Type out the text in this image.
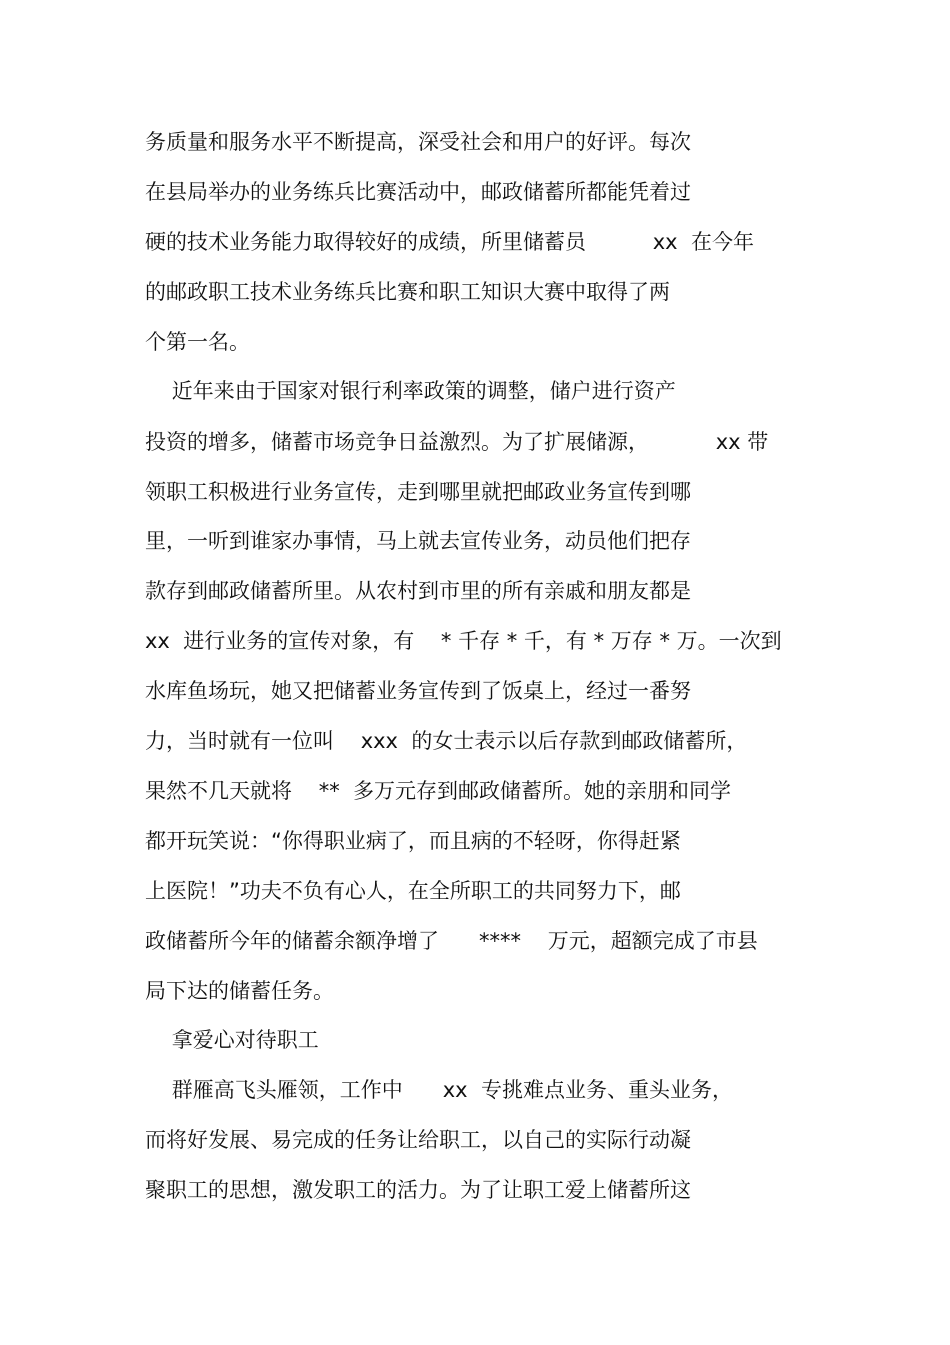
务质量和服务水平不断提高，深受社会和用户的好评。每次
在县局举办的业务练兵比赛活动中，邮政储蓄所都能凭着过
硬的技术业务能力取得较好的成绩，所里储蓄员          xx  在今年
的邮政职工技术业务练兵比赛和职工知识大赛中取得了两
个第一名。
近年来由于国家对银行利率政策的调整，储户进行资产
投资的增多，储蓄市场竞争日益激烈。为了扩展储源，          xx 带
领职工积极进行业务宣传，走到哪里就把邮政业务宣传到哪
里，一听到谁家办事情，马上就去宣传业务，动员他们把存
款存到邮政储蓄所里。从农村到市里的所有亲戚和朋友都是
xx  进行业务的宣传对象，有    * 千存 * 千，有 * 万存 * 万。一次到
水库鱼场玩，她又把储蓄业务宣传到了饭桌上，经过一番努
力，当时就有一位叫    xxx  的女士表示以后存款到邮政储蓄所，
果然不几天就将    **  多万元存到邮政储蓄所。她的亲朋和同学
都开玩笑说：“你得职业病了，而且病的不轻呀，你得赶紧
上医院！”功夫不负有心人，在全所职工的共同努力下，邮
政储蓄所今年的储蓄余额净增了      ****    万元，超额完成了市县
局下达的储蓄任务。
拿爱心对待职工
群雁高飞头雁领，工作中      xx  专挑难点业务、重头业务，
而将好发展、易完成的任务让给职工，以自己的实际行动凝
聚职工的思想，激发职工的活力。为了让职工爱上储蓄所这
